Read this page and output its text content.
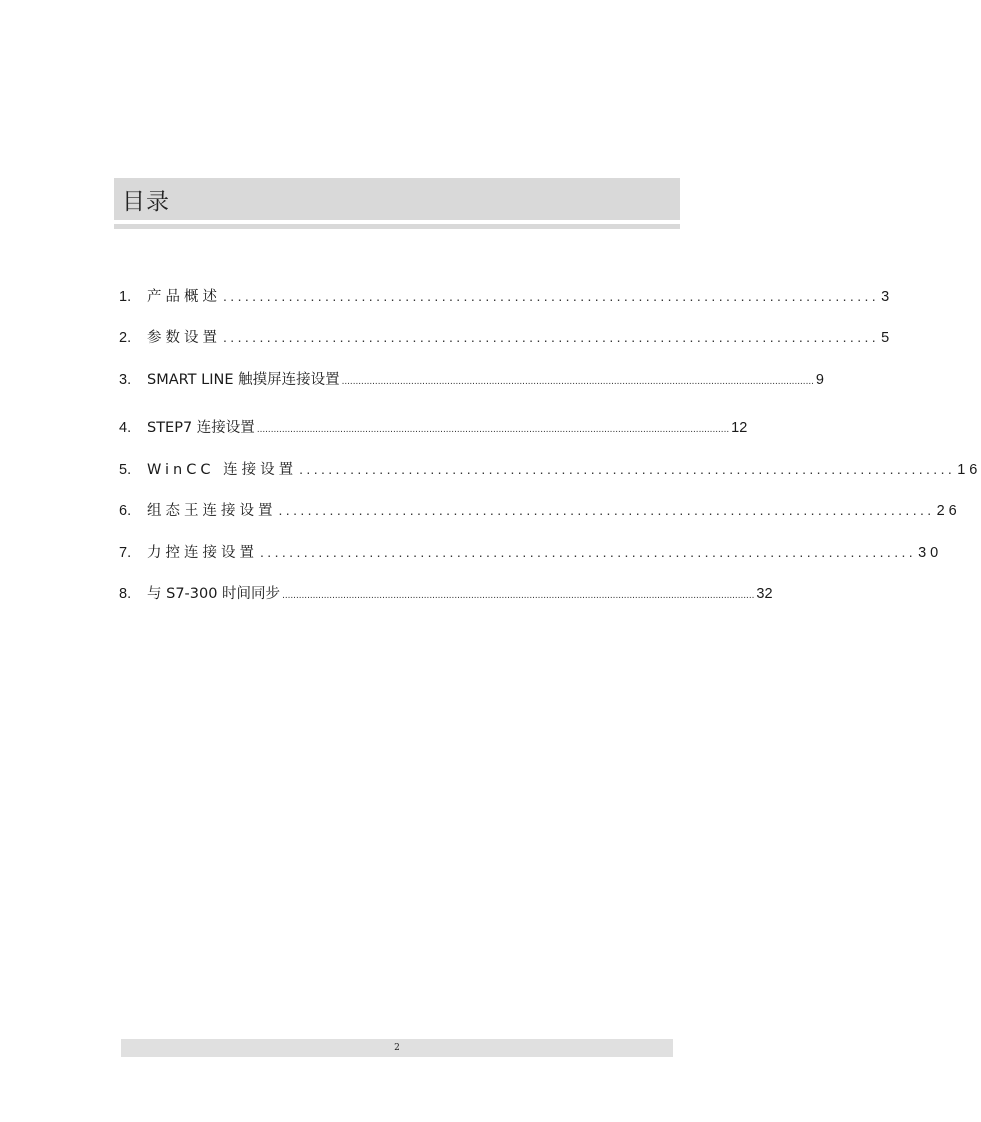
目录
1.	产品概述 .......................................................................................... 3
2.	参数设置 .......................................................................................... 5
3.	SMART LINE 触摸屏连接设置 .......................................................................................................................................................................... 9
4.	STEP7 连接设置 .......................................................................................................................................................................... 12
5.	WinCC 连接设置 .......................................................................................... 16
6.	组态王连接设置 .......................................................................................... 26
7.	力控连接设置 .......................................................................................... 30
8.	与 S7-300 时间同步 .......................................................................................................................................................................... 32
2
